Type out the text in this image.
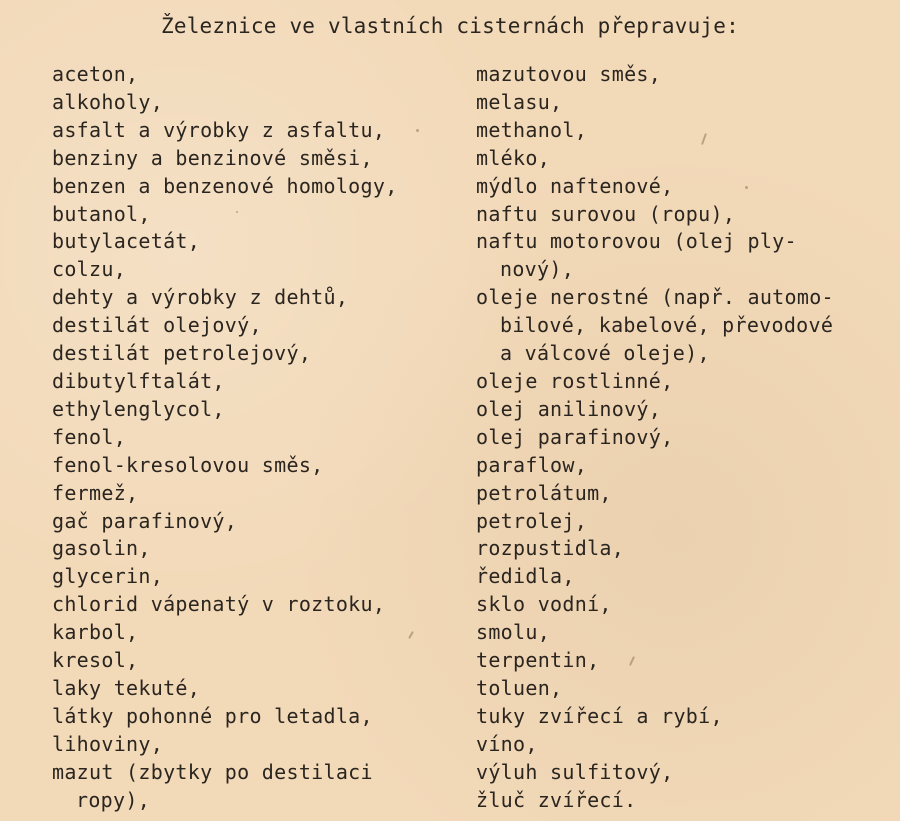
Železnice ve vlastních cisternách přepravuje:
aceton,
alkoholy,
asfalt a výrobky z asfaltu,
benziny a benzinové směsi,
benzen a benzenové homology,
butanol,
butylacetát,
colzu,
dehty a výrobky z dehtů,
destilát olejový,
destilát petrolejový,
dibutylftalát,
ethylenglycol,
fenol,
fenol-kresolovou směs,
fermež,
gač parafinový,
gasolin,
glycerin,
chlorid vápenatý v roztoku,
karbol,
kresol,
laky tekuté,
látky pohonné pro letadla,
lihoviny,
mazut (zbytky po destilaci
ropy),
mazutovou směs,
melasu,
methanol,
mléko,
mýdlo naftenové,
naftu surovou (ropu),
naftu motorovou (olej ply-
nový),
oleje nerostné (např. automo-
bilové, kabelové, převodové
a válcové oleje),
oleje rostlinné,
olej anilinový,
olej parafinový,
paraflow,
petrolátum,
petrolej,
rozpustidla,
ředidla,
sklo vodní,
smolu,
terpentin,
toluen,
tuky zvířecí a rybí,
víno,
výluh sulfitový,
žluč zvířecí.
